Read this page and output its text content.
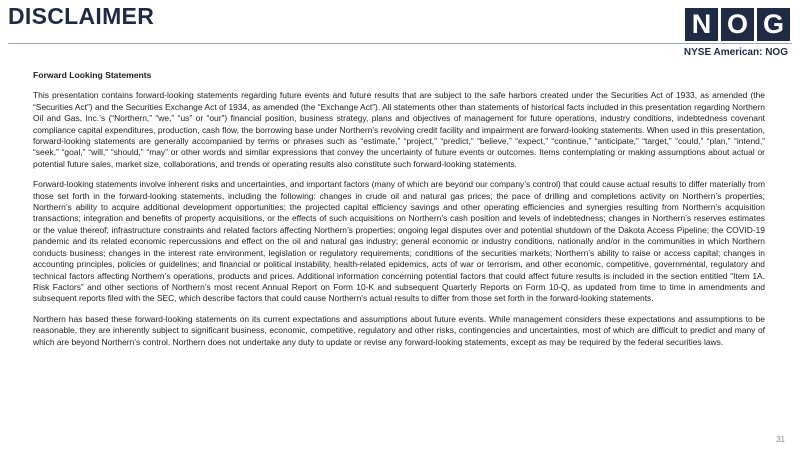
DISCLAIMER	N O G
NYSE American: NOG

Forward Looking Statements

This presentation contains forward-looking statements regarding future events and future results that are subject to the safe harbors created under the Securities Act of 1933, as amended (the “Securities Act”) and the Securities Exchange Act of 1934, as amended (the “Exchange Act”). All statements other than statements of historical facts included in this presentation regarding Northern Oil and Gas, Inc.’s (“Northern,” “we,” “us” or “our”) financial position, business strategy, plans and objectives of management for future operations, industry conditions, indebtedness covenant compliance capital expenditures, production, cash flow, the borrowing base under Northern’s revolving credit facility and impairment are forward-looking statements. When used in this presentation, forward-looking statements are generally accompanied by terms or phrases such as “estimate,” “project,” “predict,” “believe,” “expect,” “continue,” “anticipate,” “target,” “could,” “plan,” “intend,” “seek,” “goal,” “will,” “should,” “may” or other words and similar expressions that convey the uncertainty of future events or outcomes. Items contemplating or making assumptions about actual or potential future sales, market size, collaborations, and trends or operating results also constitute such forward-looking statements.

Forward-looking statements involve inherent risks and uncertainties, and important factors (many of which are beyond our company’s control) that could cause actual results to differ materially from those set forth in the forward-looking statements, including the following: changes in crude oil and natural gas prices; the pace of drilling and completions activity on Northern’s properties; Northern’s ability to acquire additional development opportunities; the projected capital efficiency savings and other operating efficiencies and synergies resulting from Northern’s acquisition transactions; integration and benefits of property acquisitions, or the effects of such acquisitions on Northern’s cash position and levels of indebtedness; changes in Northern’s reserves estimates or the value thereof; infrastructure constraints and related factors affecting Northern’s properties; ongoing legal disputes over and potential shutdown of the Dakota Access Pipeline; the COVID-19 pandemic and its related economic repercussions and effect on the oil and natural gas industry; general economic or industry conditions, nationally and/or in the communities in which Northern conducts business; changes in the interest rate environment, legislation or regulatory requirements; conditions of the securities markets; Northern’s ability to raise or access capital; changes in accounting principles, policies or guidelines; and financial or political instability, health-related epidemics, acts of war or terrorism, and other economic, competitive, governmental, regulatory and technical factors affecting Northern’s operations, products and prices. Additional information concerning potential factors that could affect future results is included in the section entitled “Item 1A. Risk Factors” and other sections of Northern’s most recent Annual Report on Form 10-K and subsequent Quarterly Reports on Form 10-Q, as updated from time to time in amendments and subsequent reports filed with the SEC, which describe factors that could cause Northern’s actual results to differ from those set forth in the forward-looking statements.

Northern has based these forward-looking statements on its current expectations and assumptions about future events. While management considers these expectations and assumptions to be reasonable, they are inherently subject to significant business, economic, competitive, regulatory and other risks, contingencies and uncertainties, most of which are difficult to predict and many of which are beyond Northern’s control. Northern does not undertake any duty to update or revise any forward-looking statements, except as may be required by the federal securities laws.

31
